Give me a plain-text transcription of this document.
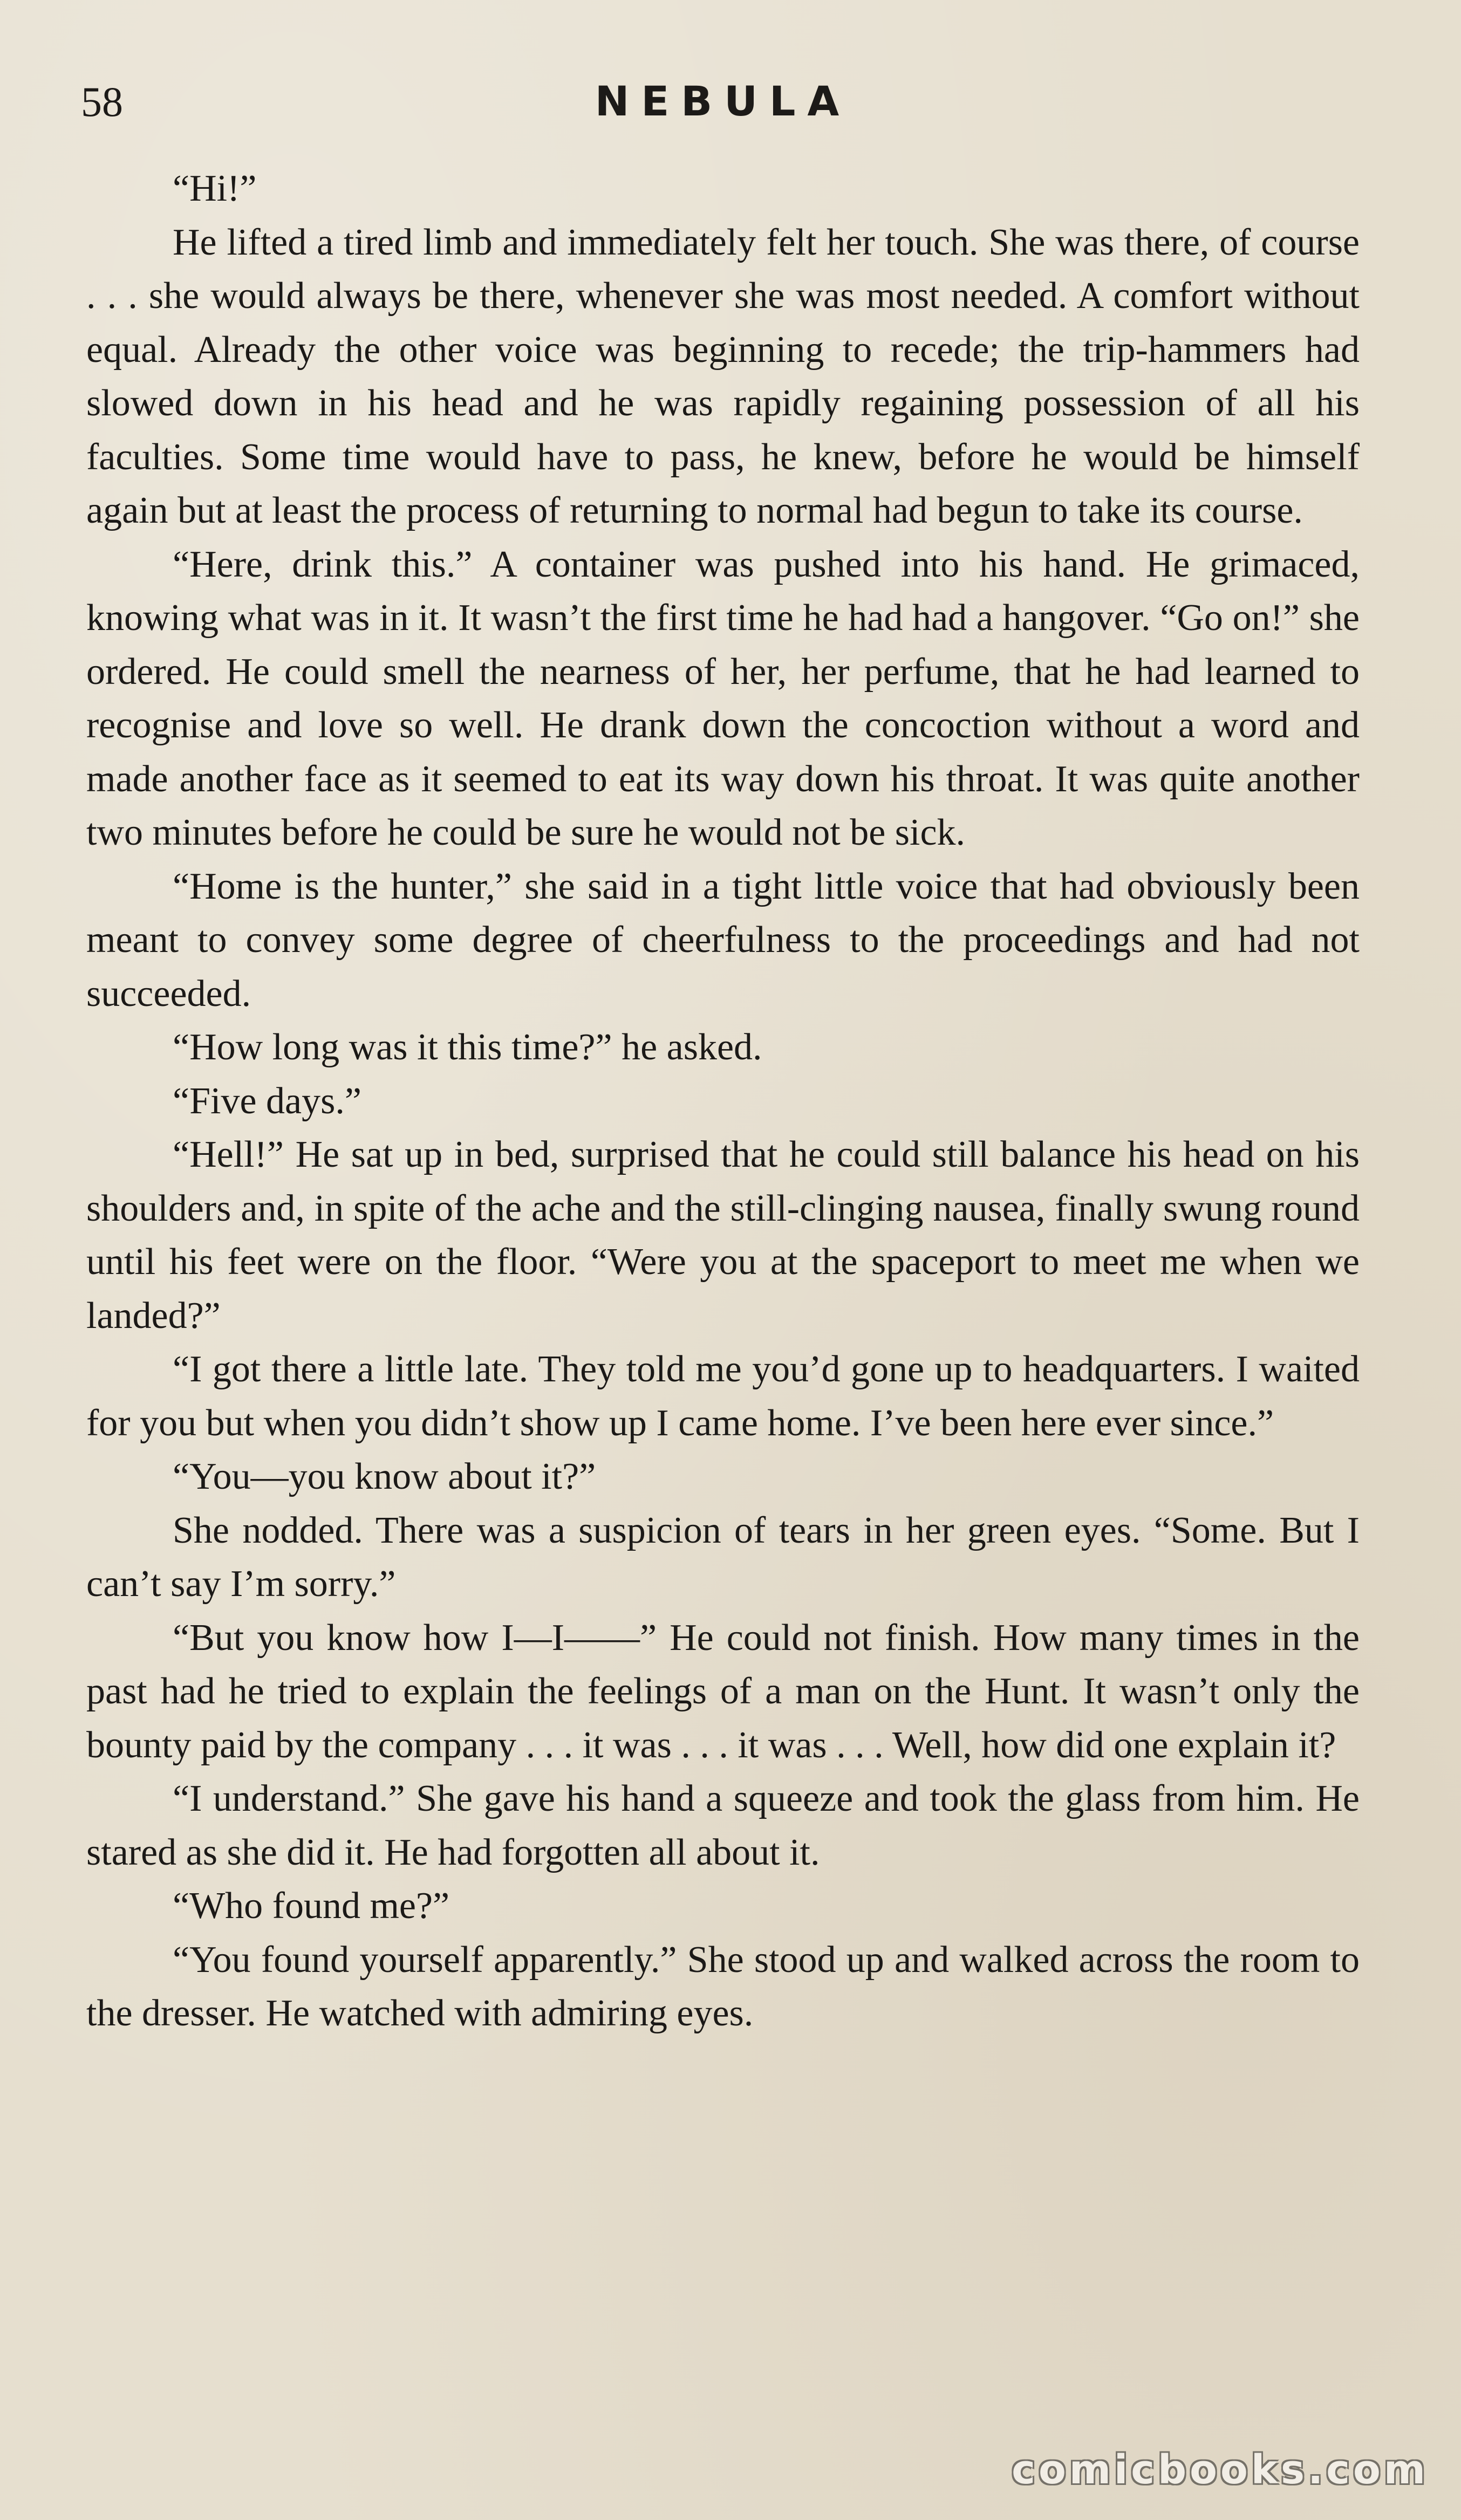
58	NEBULA

“Hi!”

He lifted a tired limb and immediately felt her touch. She was there, of course . . . she would always be there, whenever she was most needed. A comfort without equal. Already the other voice was beginning to recede; the trip-hammers had slowed down in his head and he was rapidly regaining possession of all his faculties. Some time would have to pass, he knew, before he would be himself again but at least the process of returning to normal had begun to take its course.

“Here, drink this.” A container was pushed into his hand. He grimaced, knowing what was in it. It wasn’t the first time he had had a hangover. “Go on!” she ordered. He could smell the nearness of her, her perfume, that he had learned to recognise and love so well. He drank down the concoction without a word and made another face as it seemed to eat its way down his throat. It was quite another two minutes before he could be sure he would not be sick.

“Home is the hunter,” she said in a tight little voice that had obviously been meant to convey some degree of cheerfulness to the proceedings and had not succeeded.

“How long was it this time?” he asked.

“Five days.”

“Hell!” He sat up in bed, surprised that he could still balance his head on his shoulders and, in spite of the ache and the still-clinging nausea, finally swung round until his feet were on the floor. “Were you at the spaceport to meet me when we landed?”

“I got there a little late. They told me you’d gone up to headquarters. I waited for you but when you didn’t show up I came home. I’ve been here ever since.”

“You—you know about it?”

She nodded. There was a suspicion of tears in her green eyes. “Some. But I can’t say I’m sorry.”

“But you know how I—I——” He could not finish. How many times in the past had he tried to explain the feelings of a man on the Hunt. It wasn’t only the bounty paid by the company . . . it was . . . it was . . . Well, how did one explain it?

“I understand.” She gave his hand a squeeze and took the glass from him. He stared as she did it. He had forgotten all about it.

“Who found me?”

“You found yourself apparently.” She stood up and walked across the room to the dresser. He watched with admiring eyes.

comicbooks.com
